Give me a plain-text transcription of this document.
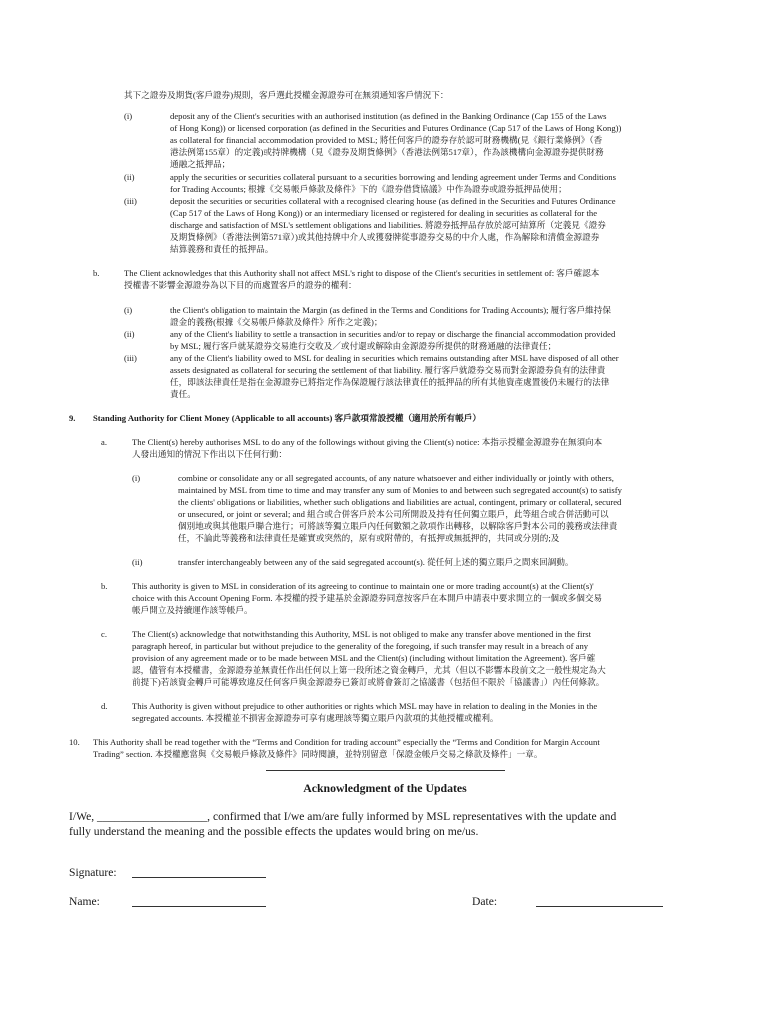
其下之證券及期貨(客戶證券)規則，客戶選此授權金源證券可在無須通知客戶情況下：
(i)	deposit any of the Client's securities with an authorised institution (as defined in the Banking Ordinance (Cap 155 of the Laws
of Hong Kong)) or licensed corporation (as defined in the Securities and Futures Ordinance (Cap 517 of the Laws of Hong Kong))
as collateral for financial accommodation provided to MSL; 將任何客戶的證券存於認可財務機構(見《銀行業條例》（香
港法例第155章）的定義)或持牌機構（見《證券及期貨條例》（香港法例第517章），作為該機構向金源證券提供財務
通融之抵押品；
(ii)	apply the securities or securities collateral pursuant to a securities borrowing and lending agreement under Terms and Conditions
for Trading Accounts; 根據《交易帳戶條款及條件》下的《證券借貸協議》中作為證券或證券抵押品使用；
(iii)	deposit the securities or securities collateral with a recognised clearing house (as defined in the Securities and Futures Ordinance
(Cap 517 of the Laws of Hong Kong)) or an intermediary licensed or registered for dealing in securities as collateral for the
discharge and satisfaction of MSL's settlement obligations and liabilities. 將證券抵押品存放於認可結算所（定義見《證券
及期貨條例》（香港法例第571章）)或其他持牌中介人或獲發牌從事證券交易的中介人處，作為解除和清償金源證券
結算義務和責任的抵押品。
b.	The Client acknowledges that this Authority shall not affect MSL's right to dispose of the Client's securities in settlement of: 客戶確認本
授權書不影響金源證券為以下目的而處置客戶的證券的權利：
(i)	the Client's obligation to maintain the Margin (as defined in the Terms and Conditions for Trading Accounts); 履行客戶維持保
證金的義務(根據《交易帳戶條款及條件》所作之定義)；
(ii)	any of the Client's liability to settle a transaction in securities and/or to repay or discharge the financial accommodation provided
by MSL; 履行客戶就某證券交易進行交收及／或付還或解除由金源證券所提供的財務通融的法律責任；
(iii)	any of the Client's liability owed to MSL for dealing in securities which remains outstanding after MSL have disposed of all other
assets designated as collateral for securing the settlement of that liability. 履行客戶就證券交易而對金源證券負有的法律責
任，即該法律責任是指在金源證券已將指定作為保證履行該法律責任的抵押品的所有其他資產處置後仍未履行的法律
責任。
9. Standing Authority for Client Money (Applicable to all accounts) 客戶款項常設授權（適用於所有帳戶）
a.	The Client(s) hereby authorises MSL to do any of the followings without giving the Client(s) notice: 本指示授權金源證券在無須向本
人發出通知的情況下作出以下任何行動：
(i)	combine or consolidate any or all segregated accounts, of any nature whatsoever and either individually or jointly with others,
maintained by MSL from time to time and may transfer any sum of Monies to and between such segregated account(s) to satisfy
the clients' obligations or liabilities, whether such obligations and liabilities are actual, contingent, primary or collateral, secured
or unsecured, or joint or several; and 組合或合併客戶於本公司所開設及持有任何獨立賬戶，此等組合或合併活動可以
個別地或與其他賬戶聯合進行；可將該等獨立賬戶內任何數額之款項作出轉移，以解除客戶對本公司的義務或法律責
任，不論此等義務和法律責任是確實或突然的，原有或附帶的，有抵押或無抵押的，共同或分別的;及
(ii)	transfer interchangeably between any of the said segregated account(s). 從任何上述的獨立賬戶之間來回調動。
b.	This authority is given to MSL in consideration of its agreeing to continue to maintain one or more trading account(s) at the Client(s)'
choice with this Account Opening Form. 本授權的授予建基於金源證券同意按客戶在本開戶申請表中要求開立的一個或多個交易
帳戶開立及持續運作該等帳戶。
c.	The Client(s) acknowledge that notwithstanding this Authority, MSL is not obliged to make any transfer above mentioned in the first
paragraph hereof, in particular but without prejudice to the generality of the foregoing, if such transfer may result in a breach of any
provision of any agreement made or to be made between MSL and the Client(s) (including without limitation the Agreement). 客戶確
認，儘管有本授權書，金源證券並無責任作出任何以上第一段所述之資金轉戶，尤其（但以不影響本段前文之一般性規定為大
前提下)若該資金轉戶可能導致違反任何客戶與金源證券已簽訂或將會簽訂之協議書（包括但不限於「協議書」）內任何條款。
d.	This Authority is given without prejudice to other authorities or rights which MSL may have in relation to dealing in the Monies in the
segregated accounts. 本授權並不損害金源證券可享有處理該等獨立賬戶內款項的其他授權或權利。
10. This Authority shall be read together with the “Terms and Condition for trading account” especially the “Terms and Condition for Margin Account
Trading” section. 本授權應當與《交易帳戶條款及條件》同時閱讀，並特別留意「保證金帳戶交易之條款及條件」一章。
Acknowledgment of the Updates
I/We, ___________________, confirmed that I/we am/are fully informed by MSL representatives with the update and
fully understand the meaning and the possible effects the updates would bring on me/us.
Signature:
Name:	Date:
